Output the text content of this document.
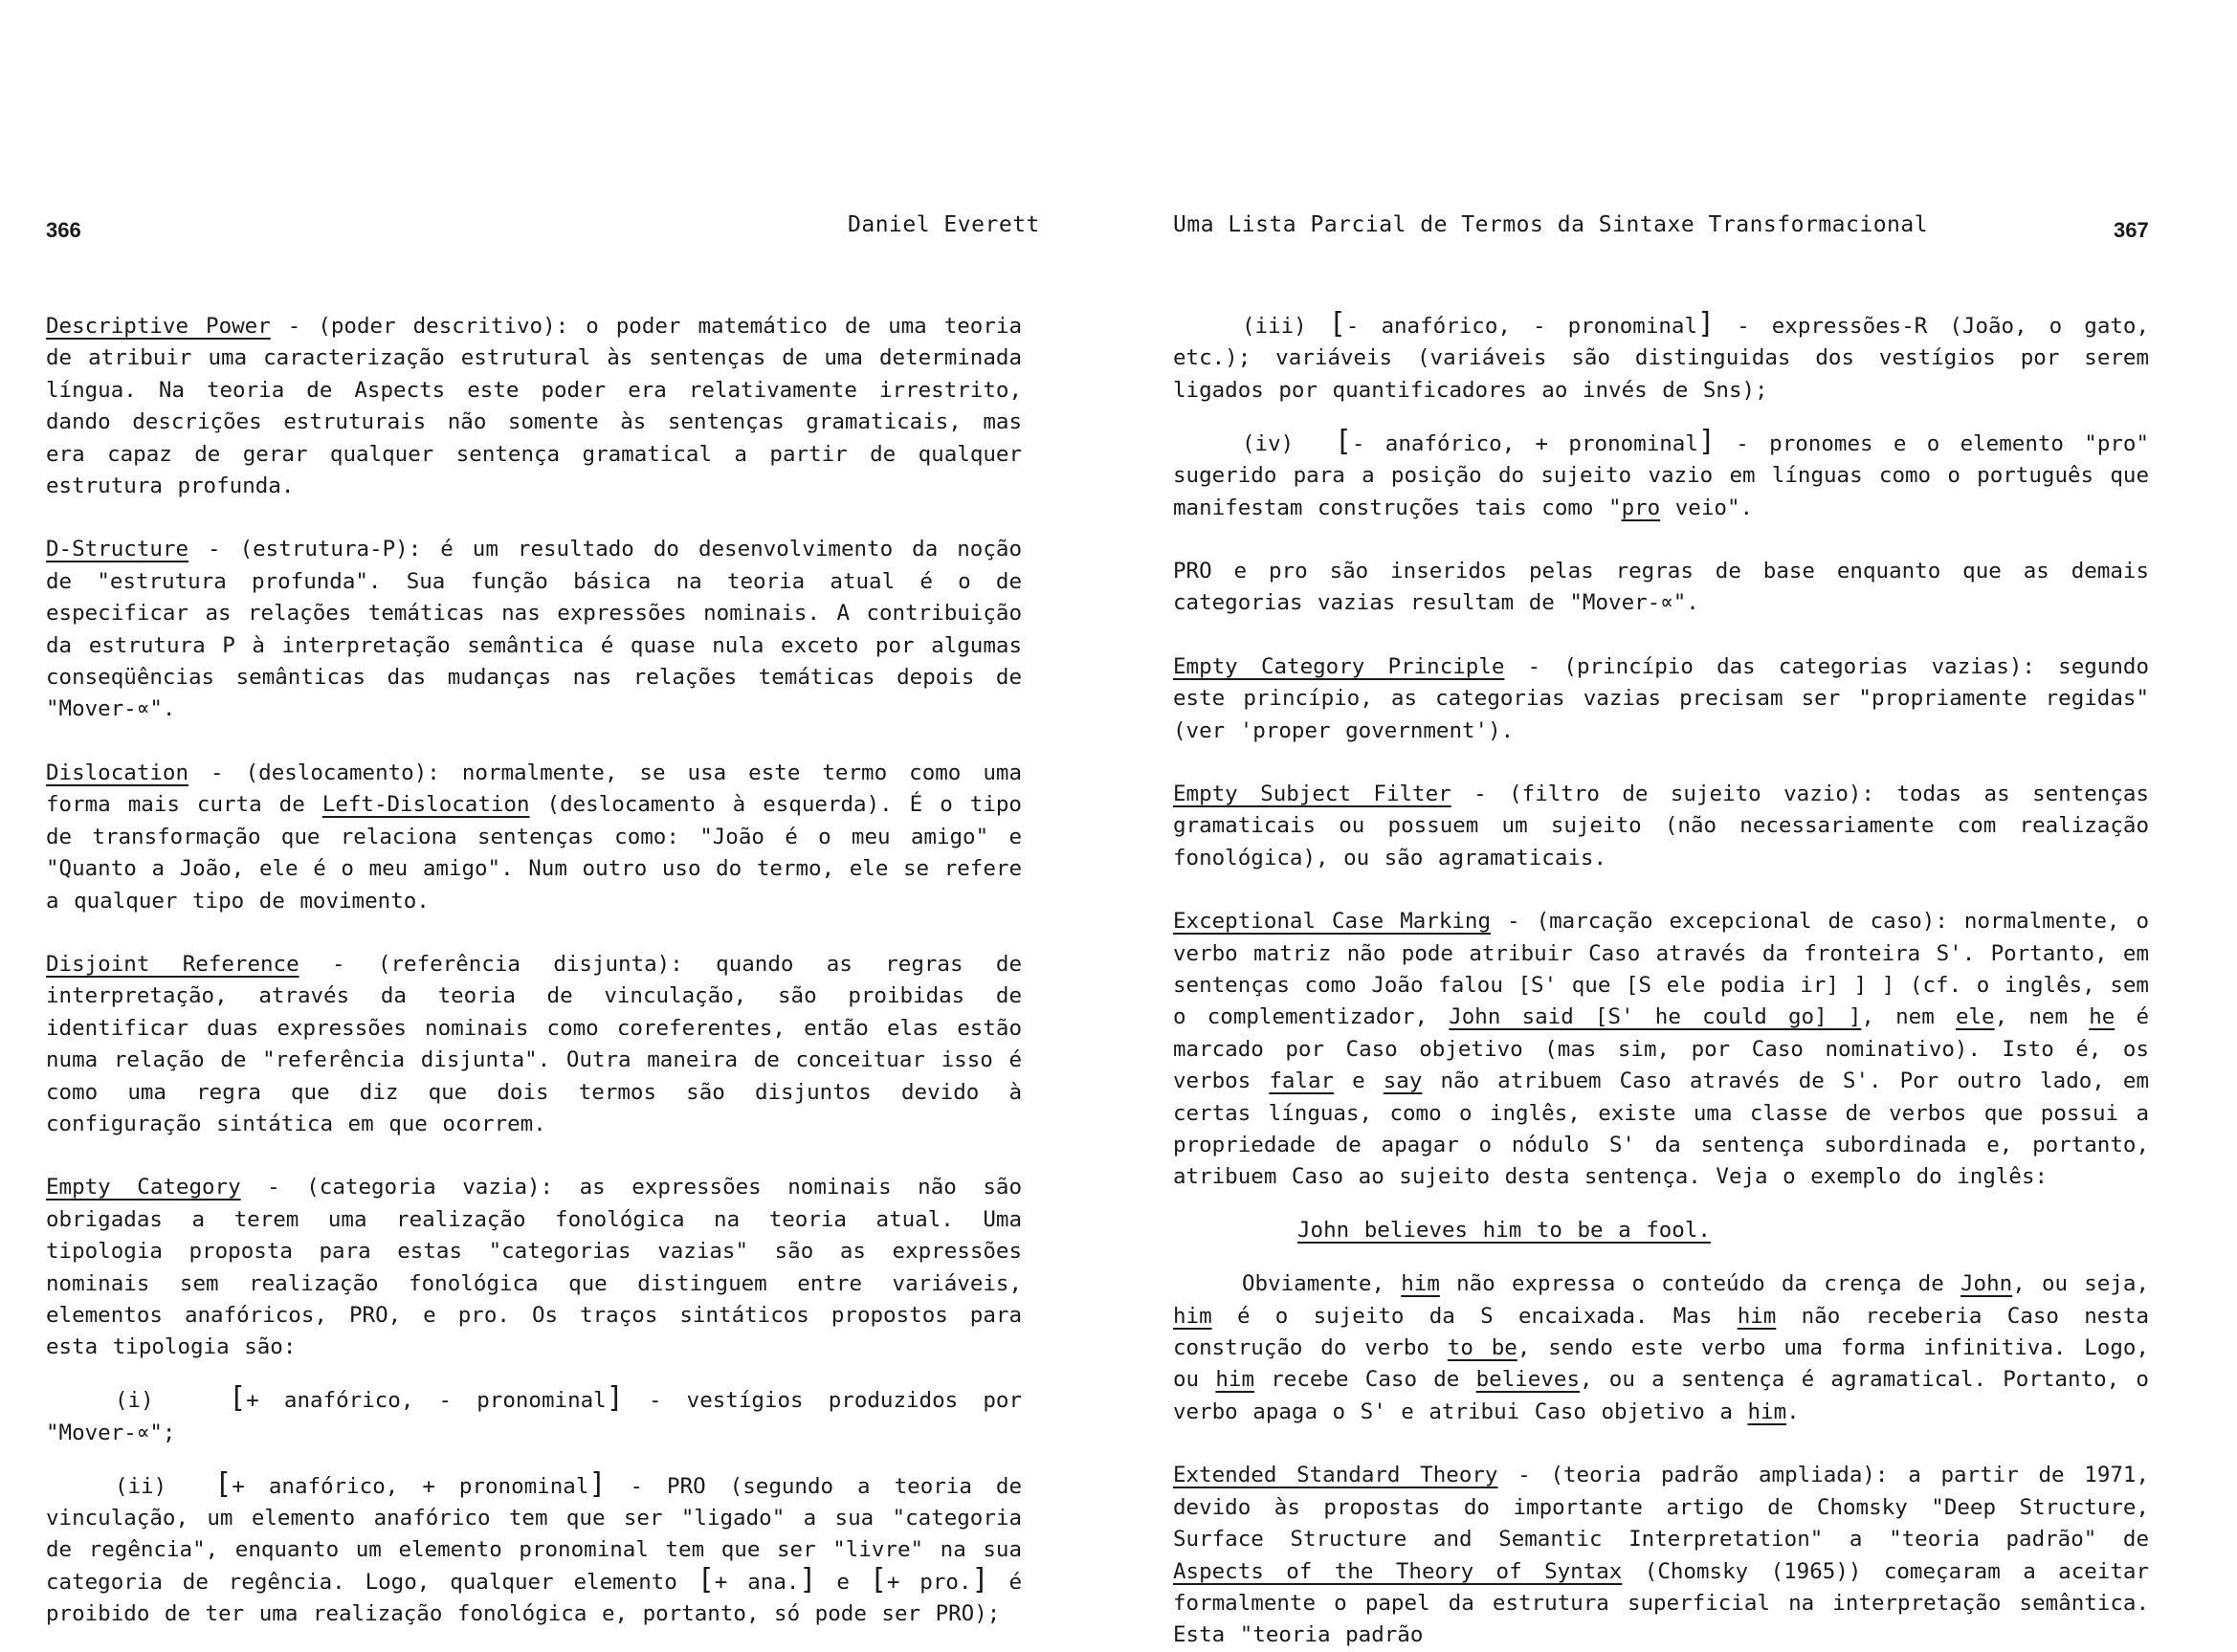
366	Daniel Everett

Descriptive Power - (poder descritivo): o poder matemático de uma teoria de atribuir uma caracterização estrutural às sentenças de uma determinada língua. Na teoria de Aspects este poder era relativamente irrestrito, dando descrições estruturais não somente às sentenças gramaticais, mas era capaz de gerar qualquer sentença gramatical a partir de qualquer estrutura profunda.

D-Structure - (estrutura-P): é um resultado do desenvolvimento da noção de "estrutura profunda". Sua função básica na teoria atual é o de especificar as relações temáticas nas expressões nominais. A contribuição da estrutura P à interpretação semântica é quase nula exceto por algumas conseqüências semânticas das mudanças nas relações temáticas depois de "Mover-∝".

Dislocation - (deslocamento): normalmente, se usa este termo como uma forma mais curta de Left-Dislocation (deslocamento à esquerda). É o tipo de transformação que relaciona sentenças como: "João é o meu amigo" e "Quanto a João, ele é o meu amigo". Num outro uso do termo, ele se refere a qualquer tipo de movimento.

Disjoint Reference - (referência disjunta): quando as regras de interpretação, através da teoria de vinculação, são proibidas de identificar duas expressões nominais como coreferentes, então elas estão numa relação de "referência disjunta". Outra maneira de conceituar isso é como uma regra que diz que dois termos são disjuntos devido à configuração sintática em que ocorrem.

Empty Category - (categoria vazia): as expressões nominais não são obrigadas a terem uma realização fonológica na teoria atual. Uma tipologia proposta para estas "categorias vazias" são as expressões nominais sem realização fonológica que distinguem entre variáveis, elementos anafóricos, PRO, e pro. Os traços sintáticos propostos para esta tipologia são:

(i)	[+ anafórico, - pronominal] - vestígios produzidos por "Mover-∝";

(ii) [+ anafórico, + pronominal] - PRO (segundo a teoria de vinculação, um elemento anafórico tem que ser "ligado" a sua "categoria de regência", enquanto um elemento pronominal tem que ser "livre" na sua categoria de regência. Logo, qualquer elemento [+ ana.] e [+ pro.] é proibido de ter uma realização fonológica e, portanto, só pode ser PRO);

Uma Lista Parcial de Termos da Sintaxe Transformacional	367

(iii) [- anafórico, - pronominal] - expressões-R (João, o gato, etc.); variáveis (variáveis são distinguidas dos vestígios por serem ligados por quantificadores ao invés de Sns);

(iv) [- anafórico, + pronominal] - pronomes e o elemento "pro" sugerido para a posição do sujeito vazio em línguas como o português que manifestam construções tais como "pro veio".

PRO e pro são inseridos pelas regras de base enquanto que as demais categorias vazias resultam de "Mover-∝".

Empty Category Principle - (princípio das categorias vazias): segundo este princípio, as categorias vazias precisam ser "propriamente regidas" (ver 'proper government').

Empty Subject Filter - (filtro de sujeito vazio): todas as sentenças gramaticais ou possuem um sujeito (não necessariamente com realização fonológica), ou são agramaticais.

Exceptional Case Marking - (marcação excepcional de caso): normalmente, o verbo matriz não pode atribuir Caso através da fronteira S'. Portanto, em sentenças como João falou [S' que [S ele podia ir] ] ] (cf. o inglês, sem o complementizador, John said [S' he could go] ], nem ele, nem he é marcado por Caso objetivo (mas sim, por Caso nominativo). Isto é, os verbos falar e say não atribuem Caso através de S'. Por outro lado, em certas línguas, como o inglês, existe uma classe de verbos que possui a propriedade de apagar o nódulo S' da sentença subordinada e, portanto, atribuem Caso ao sujeito desta sentença. Veja o exemplo do inglês:

John believes him to be a fool.

Obviamente, him não expressa o conteúdo da crença de John, ou seja, him é o sujeito da S encaixada. Mas him não receberia Caso nesta construção do verbo to be, sendo este verbo uma forma infinitiva. Logo, ou him recebe Caso de believes, ou a sentença é agramatical. Portanto, o verbo apaga o S' e atribui Caso objetivo a him.

Extended Standard Theory - (teoria padrão ampliada): a partir de 1971, devido às propostas do importante artigo de Chomsky "Deep Structure, Surface Structure and Semantic Interpretation" a "teoria padrão" de Aspects of the Theory of Syntax (Chomsky (1965)) começaram a aceitar formalmente o papel da estrutura superficial na interpretação semântica. Esta "teoria padrão
